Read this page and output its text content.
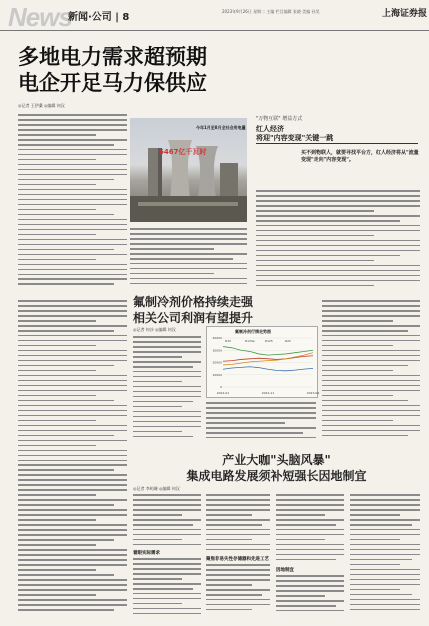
News
新闻·公司 | 8
2023年9月26日 星期二 主编 栏目编辑 张晓 美编 孙昊	上海证券报
多地电力需求超预期
电企开足马力保供应
◎记者 王伊桑 ◎编辑 何汉
今年1月至8月全社会用电量
6467亿千瓦时
"万物互联" 增益方式
红人经济
将迎"内容变现"关键一跳
买不到物联人，就要寻找平台方，红人经济将从"流量变现"走向"内容变现"。
氟制冷剂价格持续走强
相关公司利润有望提升
◎记者 何沙 ◎编辑 何汉	氟制冷剂行情走势图
0
10000
20000
30000
40000
2022-01	2022-11	2023-09
R32	R134a	R125	R22
产业大咖"头脑风暴"
集成电路发展须补短强长因地制宜
◎记者 李屿臻 ◎编辑 何汉
着眼实际需求
聚焦非易失性存储器和先进工艺
因地制宜
